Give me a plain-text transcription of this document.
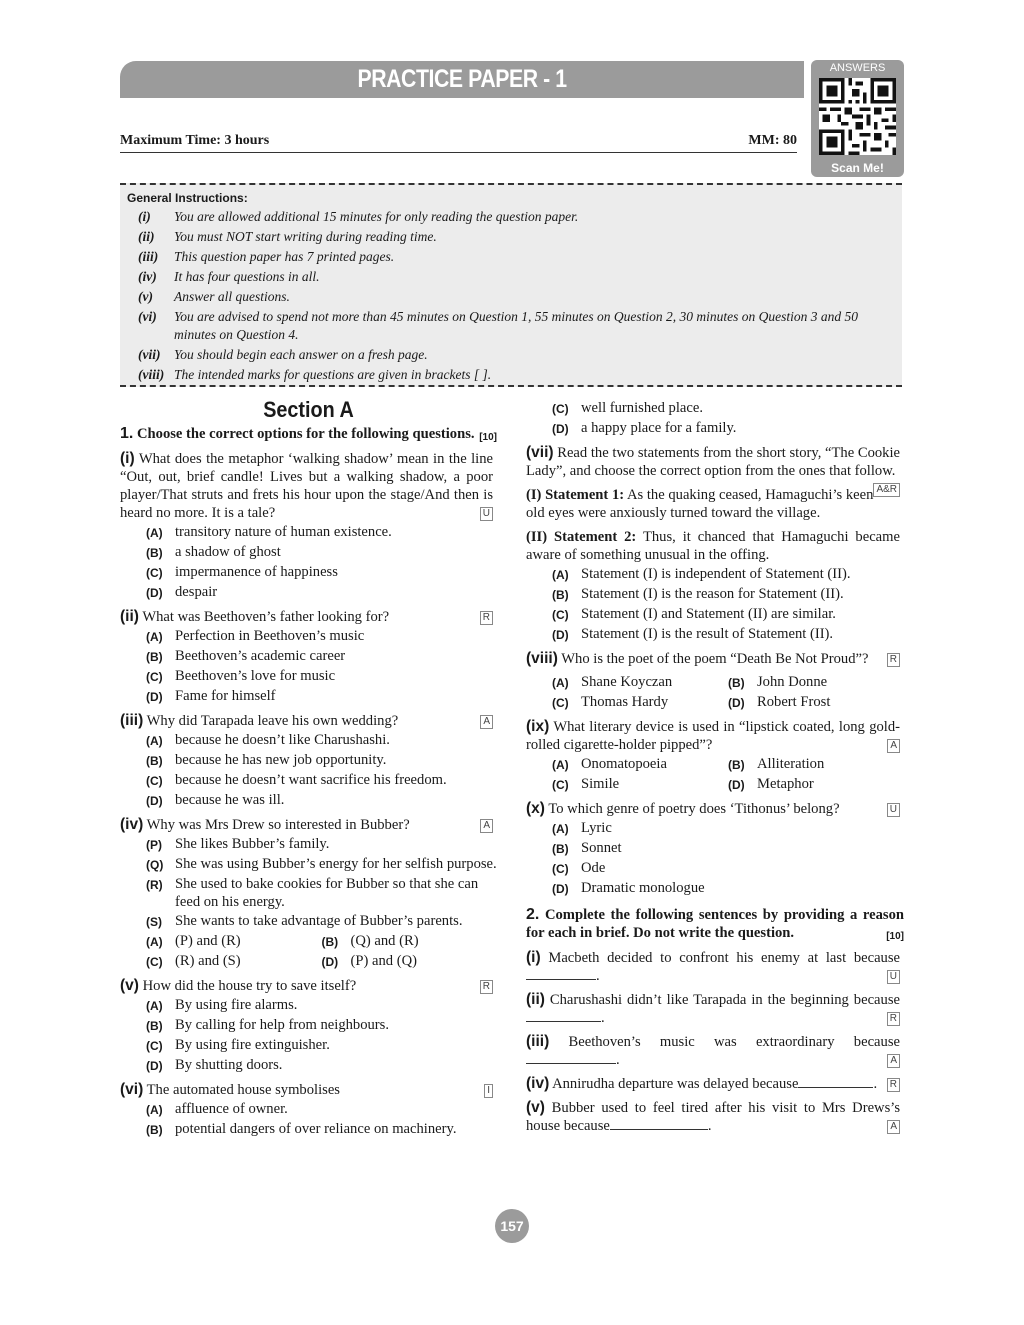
PRACTICE PAPER - 1	ANSWERS
Scan Me!
Maximum Time: 3 hours	MM: 80
General Instructions:
(i) You are allowed additional 15 minutes for only reading the question paper.
(ii) You must NOT start writing during reading time.
(iii) This question paper has 7 printed pages.
(iv) It has four questions in all.
(v) Answer all questions.
(vi)	You are advised to spend not more than 45 minutes on Question 1, 55 minutes on Question 2, 30 minutes on Question 3 and 50 minutes on Question 4.
(vii) You should begin each answer on a fresh page.
(viii) The intended marks for questions are given in brackets [ ].
Section A
1. Choose the correct options for the following questions. [10]
(i) What does the metaphor ‘walking shadow’ mean in the line “Out, out, brief candle! Lives but a walking shadow, a poor player/That struts and frets his hour upon the stage/And then is heard no more. It is a tale?	U
(A) transitory nature of human existence.
(B) a shadow of ghost
(C) impermanence of happiness
(D) despair
(ii) What was Beethoven’s father looking for?	R
(A) Perfection in Beethoven’s music
(B) Beethoven’s academic career
(C) Beethoven’s love for music
(D) Fame for himself
(iii) Why did Tarapada leave his own wedding?	A
(A) because he doesn’t like Charushashi.
(B) because he has new job opportunity.
(C) because he doesn’t want sacrifice his freedom.
(D) because he was ill.
(iv) Why was Mrs Drew so interested in Bubber?	A
(P) She likes Bubber’s family.
(Q) She was using Bubber’s energy for her selfish purpose.
(R) She used to bake cookies for Bubber so that she can feed on his energy.
(S) She wants to take advantage of Bubber’s parents.
(A) (P) and (R)	(B) (Q) and (R)
(C) (R) and (S)	(D) (P) and (Q)
(v) How did the house try to save itself?	R
(A) By using fire alarms.
(B) By calling for help from neighbours.
(C) By using fire extinguisher.
(D) By shutting doors.
(vi) The automated house symbolises	I
(A) affluence of owner.
(B) potential dangers of over reliance on machinery.
(C) well furnished place.
(D) a happy place for a family.
(vii) Read the two statements from the short story, “The Cookie Lady”, and choose the correct option from the ones that follow.
A&R
(I) Statement 1: As the quaking ceased, Hamaguchi’s keen old eyes were anxiously turned toward the village.
(II) Statement 2: Thus, it chanced that Hamaguchi became aware of something unusual in the offing.
(A) Statement (I) is independent of Statement (II).
(B) Statement (I) is the reason for Statement (II).
(C) Statement (I) and Statement (II) are similar.
(D) Statement (I) is the result of Statement (II).
(viii) Who is the poet of the poem “Death Be Not Proud”?	R
(A) Shane Koyczan	(B) John Donne
(C) Thomas Hardy	(D) Robert Frost
(ix) What literary device is used in “lipstick coated, long gold-rolled cigarette-holder pipped”?	A
(A) Onomatopoeia	(B) Alliteration
(C) Simile	(D) Metaphor
(x) To which genre of poetry does ‘Tithonus’ belong?	U
(A) Lyric
(B) Sonnet
(C) Ode
(D) Dramatic monologue
2. Complete the following sentences by providing a reason for each in brief. Do not write the question.	[10]
(i) Macbeth decided to confront his enemy at last because.	U
(ii) Charushashi didn’t like Tarapada in the beginning because.	R
(iii) Beethoven’s music was extraordinary because .	A
(iv) Annirudha departure was delayed because	.	R
(v) Bubber used to feel tired after his visit to Mrs Drews’s house because	.	A
157
